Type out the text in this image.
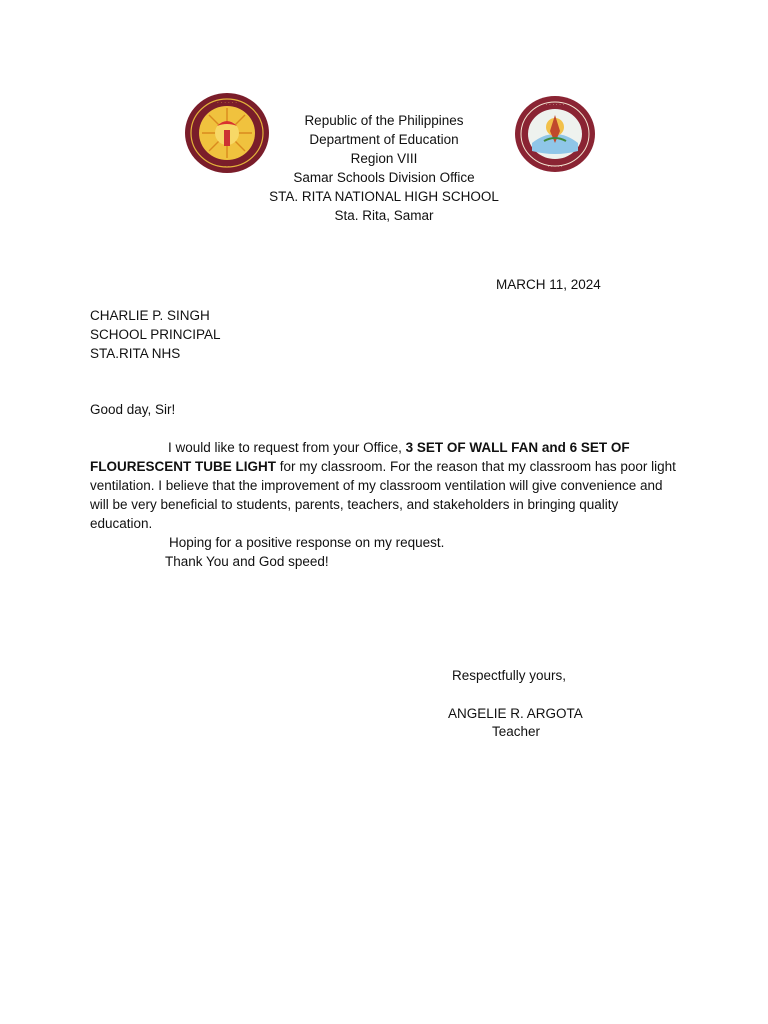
· · · · · ·
· · · · · ·
· · · · · ·
· · · · ·
Republic of the Philippines
Department of Education
Region VIII
Samar Schools Division Office
STA. RITA NATIONAL HIGH SCHOOL
Sta. Rita, Samar
MARCH 11, 2024
CHARLIE P. SINGH
SCHOOL PRINCIPAL
STA.RITA NHS
Good day, Sir!
I would like to request from your Office, 3 SET OF WALL FAN and 6 SET OF FLOURESCENT TUBE LIGHT for my classroom. For the reason that my classroom has poor light ventilation. I believe that the improvement of my classroom ventilation will give convenience and will be very beneficial to students, parents, teachers, and stakeholders in bringing quality education.
Hoping for a positive response on my request.
Thank You and God speed!
Respectfully yours,
ANGELIE R. ARGOTA
Teacher
